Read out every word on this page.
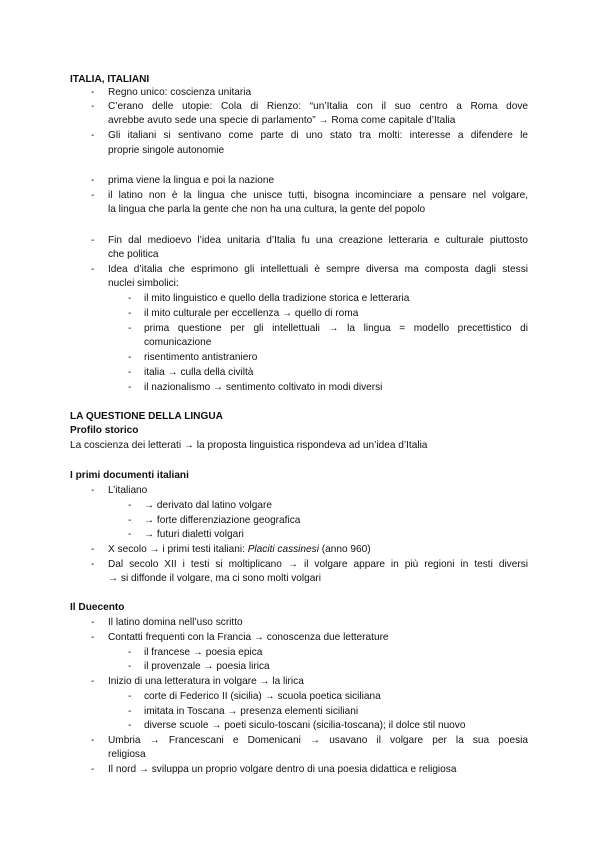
ITALIA, ITALIANI
- Regno unico: coscienza unitaria
- C’erano delle utopie: Cola di Rienzo: “un’Italia con il suo centro a Roma dove
avrebbe avuto sede una specie di parlamento” → Roma come capitale d’Italia
- Gli italiani si sentivano come parte di uno stato tra molti: interesse a difendere le
proprie singole autonomie
- prima viene la lingua e poi la nazione
- il latino non è la lingua che unisce tutti, bisogna incominciare a pensare nel volgare,
la lingua che parla la gente che non ha una cultura, la gente del popolo
- Fin dal medioevo l’idea unitaria d’Italia fu una creazione letteraria e culturale piuttosto
che politica
- Idea d’italia che esprimono gli intellettuali è sempre diversa ma composta dagli stessi
nuclei simbolici:
- il mito linguistico e quello della tradizione storica e letteraria
- il mito culturale per eccellenza → quello di roma
- prima questione per gli intellettuali → la lingua = modello precettistico di
comunicazione
- risentimento antistraniero
- italia → culla della civiltà
- il nazionalismo → sentimento coltivato in modi diversi
LA QUESTIONE DELLA LINGUA
Profilo storico
La coscienza dei letterati → la proposta linguistica rispondeva ad un’idea d’Italia
I primi documenti italiani
- L’italiano
- → derivato dal latino volgare
- → forte differenziazione geografica
- → futuri dialetti volgari
- X secolo → i primi testi italiani: Placiti cassinesi (anno 960)
- Dal secolo XII i testi si moltiplicano → il volgare appare in più regioni in testi diversi
→ si diffonde il volgare, ma ci sono molti volgari
Il Duecento
- Il latino domina nell’uso scritto
- Contatti frequenti con la Francia → conoscenza due letterature
- il francese → poesia epica
- il provenzale → poesia lirica
- Inizio di una letteratura in volgare → la lirica
- corte di Federico II (sicilia) → scuola poetica siciliana
- imitata in Toscana → presenza elementi siciliani
- diverse scuole → poeti siculo-toscani (sicilia-toscana); il dolce stil nuovo
- Umbria → Francescani e Domenicani → usavano il volgare per la sua poesia
religiosa
- Il nord → sviluppa un proprio volgare dentro di una poesia didattica e religiosa
